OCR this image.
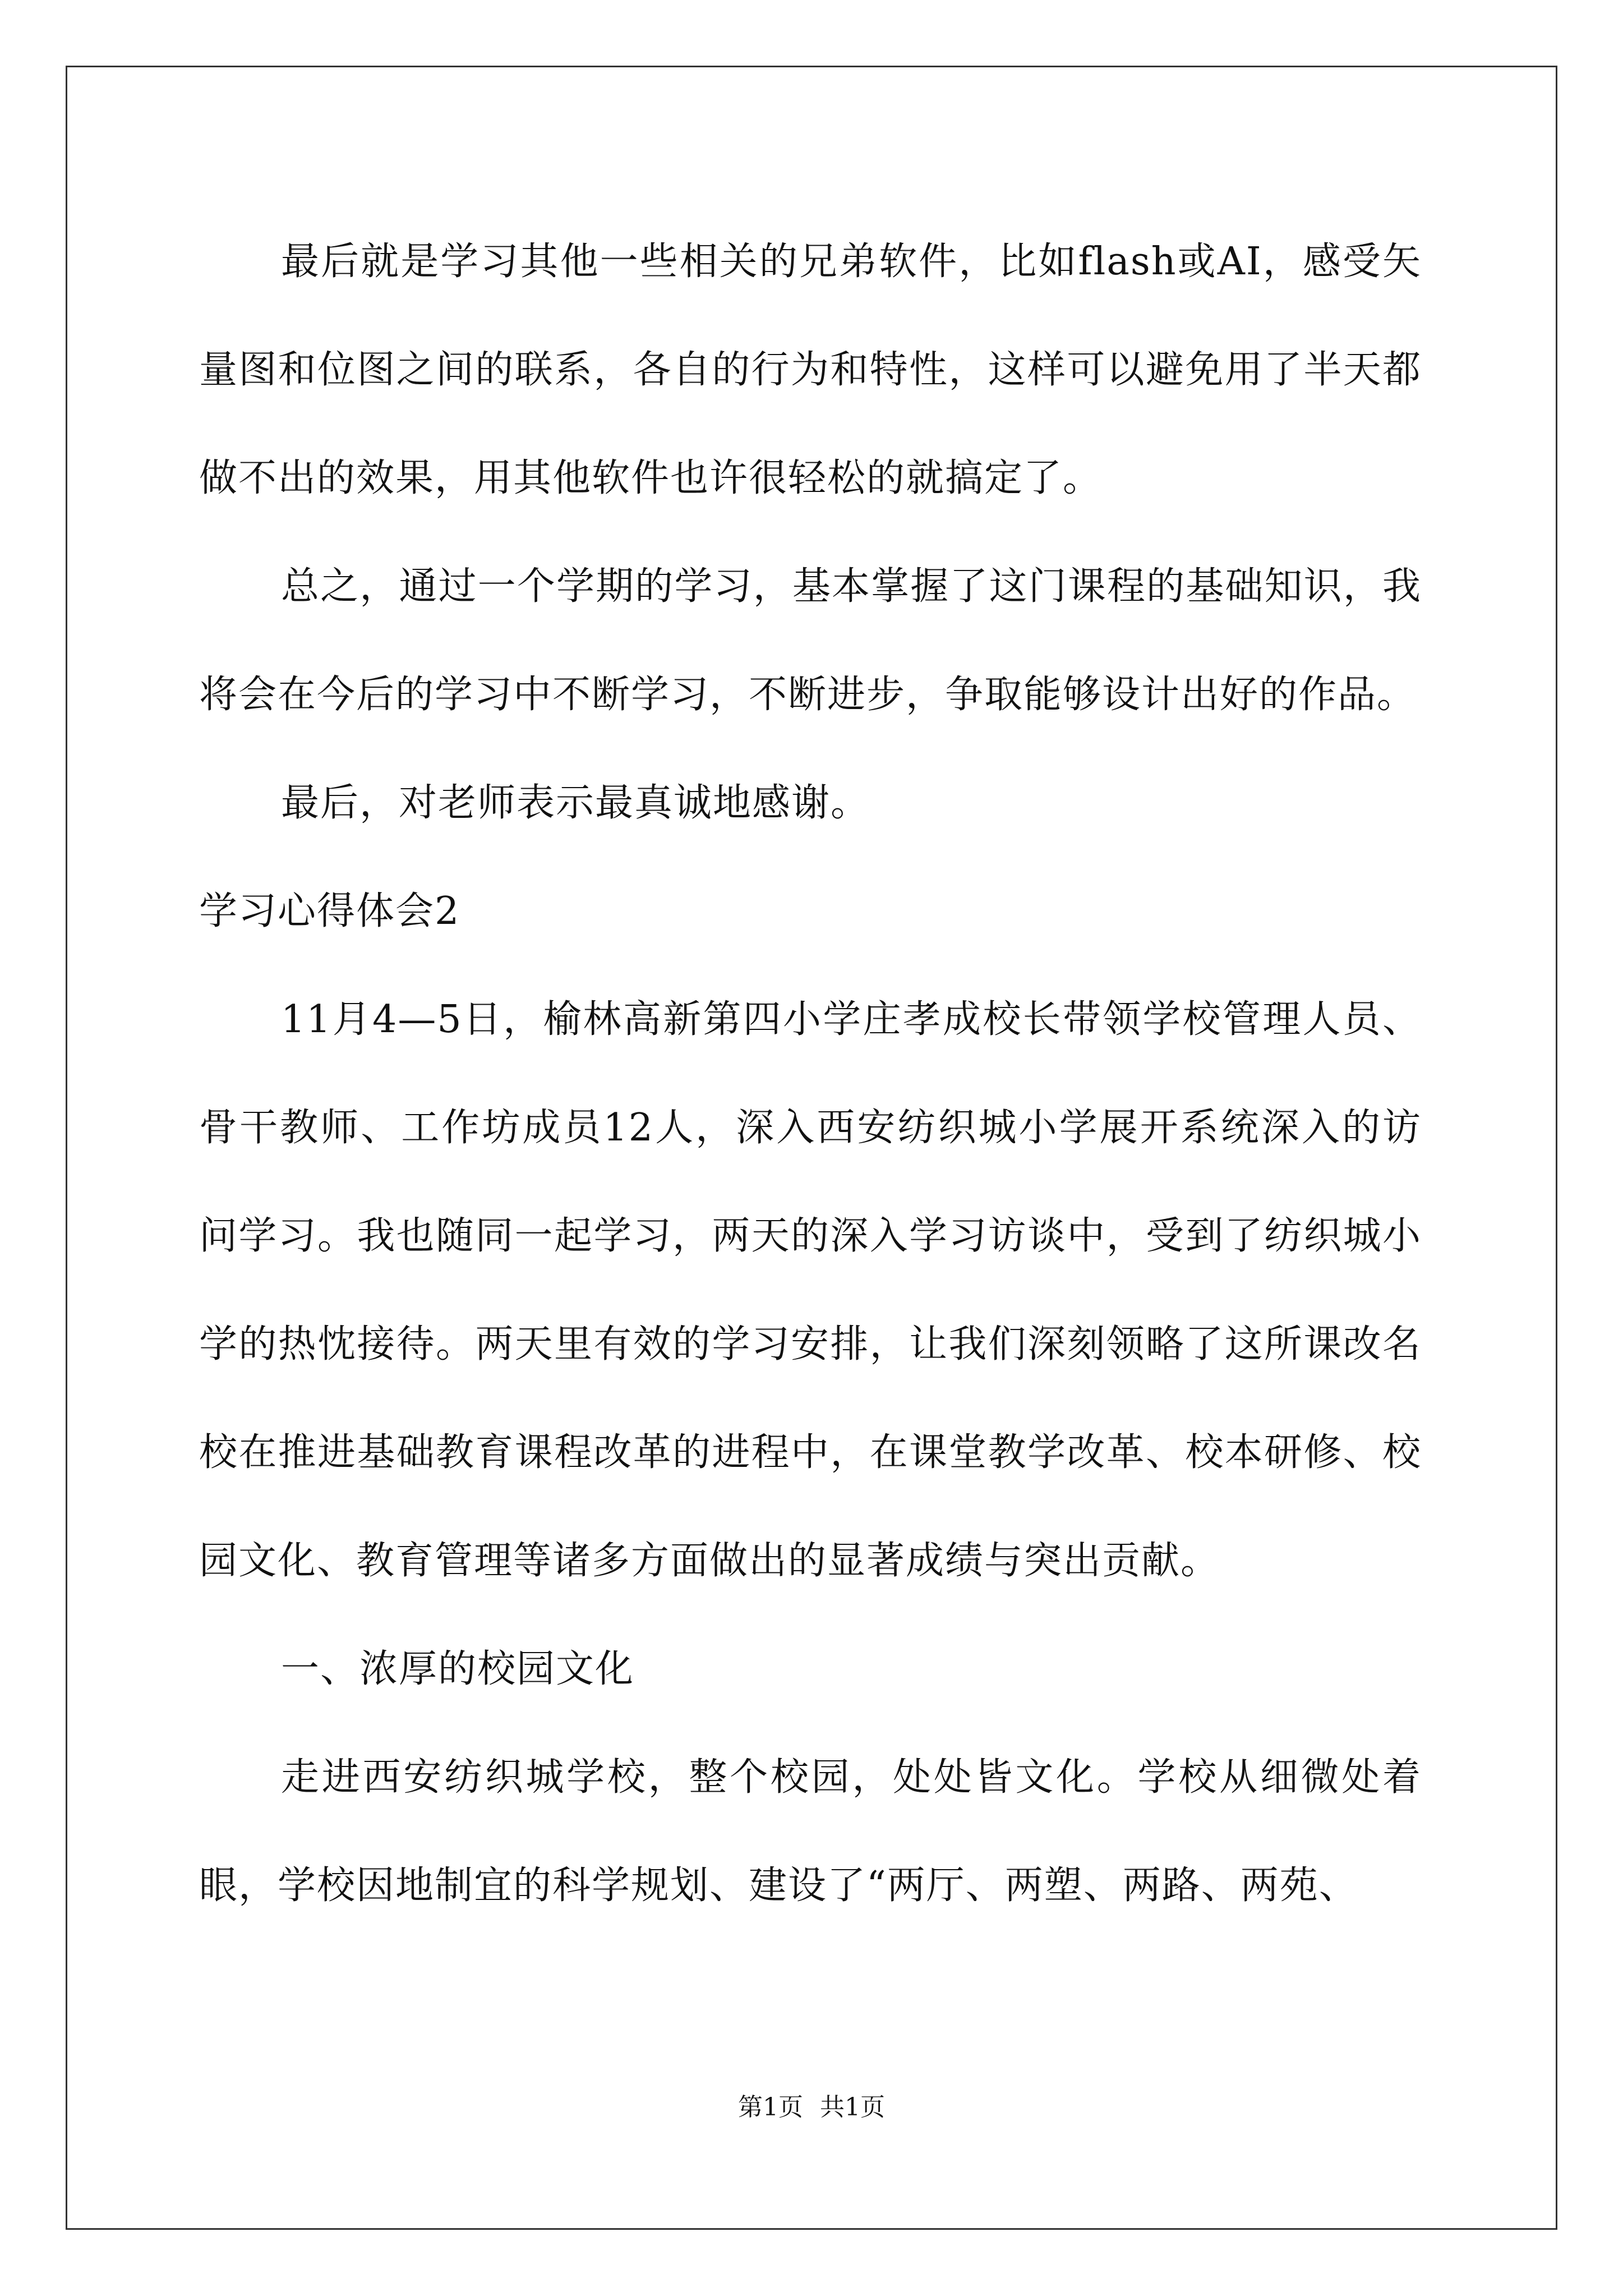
最后就是学习其他一些相关的兄弟软件，比如flash或AI，感受矢量图和位图之间的联系，各自的行为和特性，这样可以避免用了半天都做不出的效果，用其他软件也许很轻松的就搞定了。

总之，通过一个学期的学习，基本掌握了这门课程的基础知识，我将会在今后的学习中不断学习，不断进步，争取能够设计出好的作品。

最后，对老师表示最真诚地感谢。

学习心得体会2

11月4—5日，榆林高新第四小学庄孝成校长带领学校管理人员、骨干教师、工作坊成员12人，深入西安纺织城小学展开系统深入的访问学习。我也随同一起学习，两天的深入学习访谈中，受到了纺织城小学的热忱接待。两天里有效的学习安排，让我们深刻领略了这所课改名校在推进基础教育课程改革的进程中，在课堂教学改革、校本研修、校园文化、教育管理等诸多方面做出的显著成绩与突出贡献。

一、浓厚的校园文化

走进西安纺织城学校，整个校园，处处皆文化。学校从细微处着眼，学校因地制宜的科学规划、建设了“两厅、两塑、两路、两苑、

第1页 共1页
